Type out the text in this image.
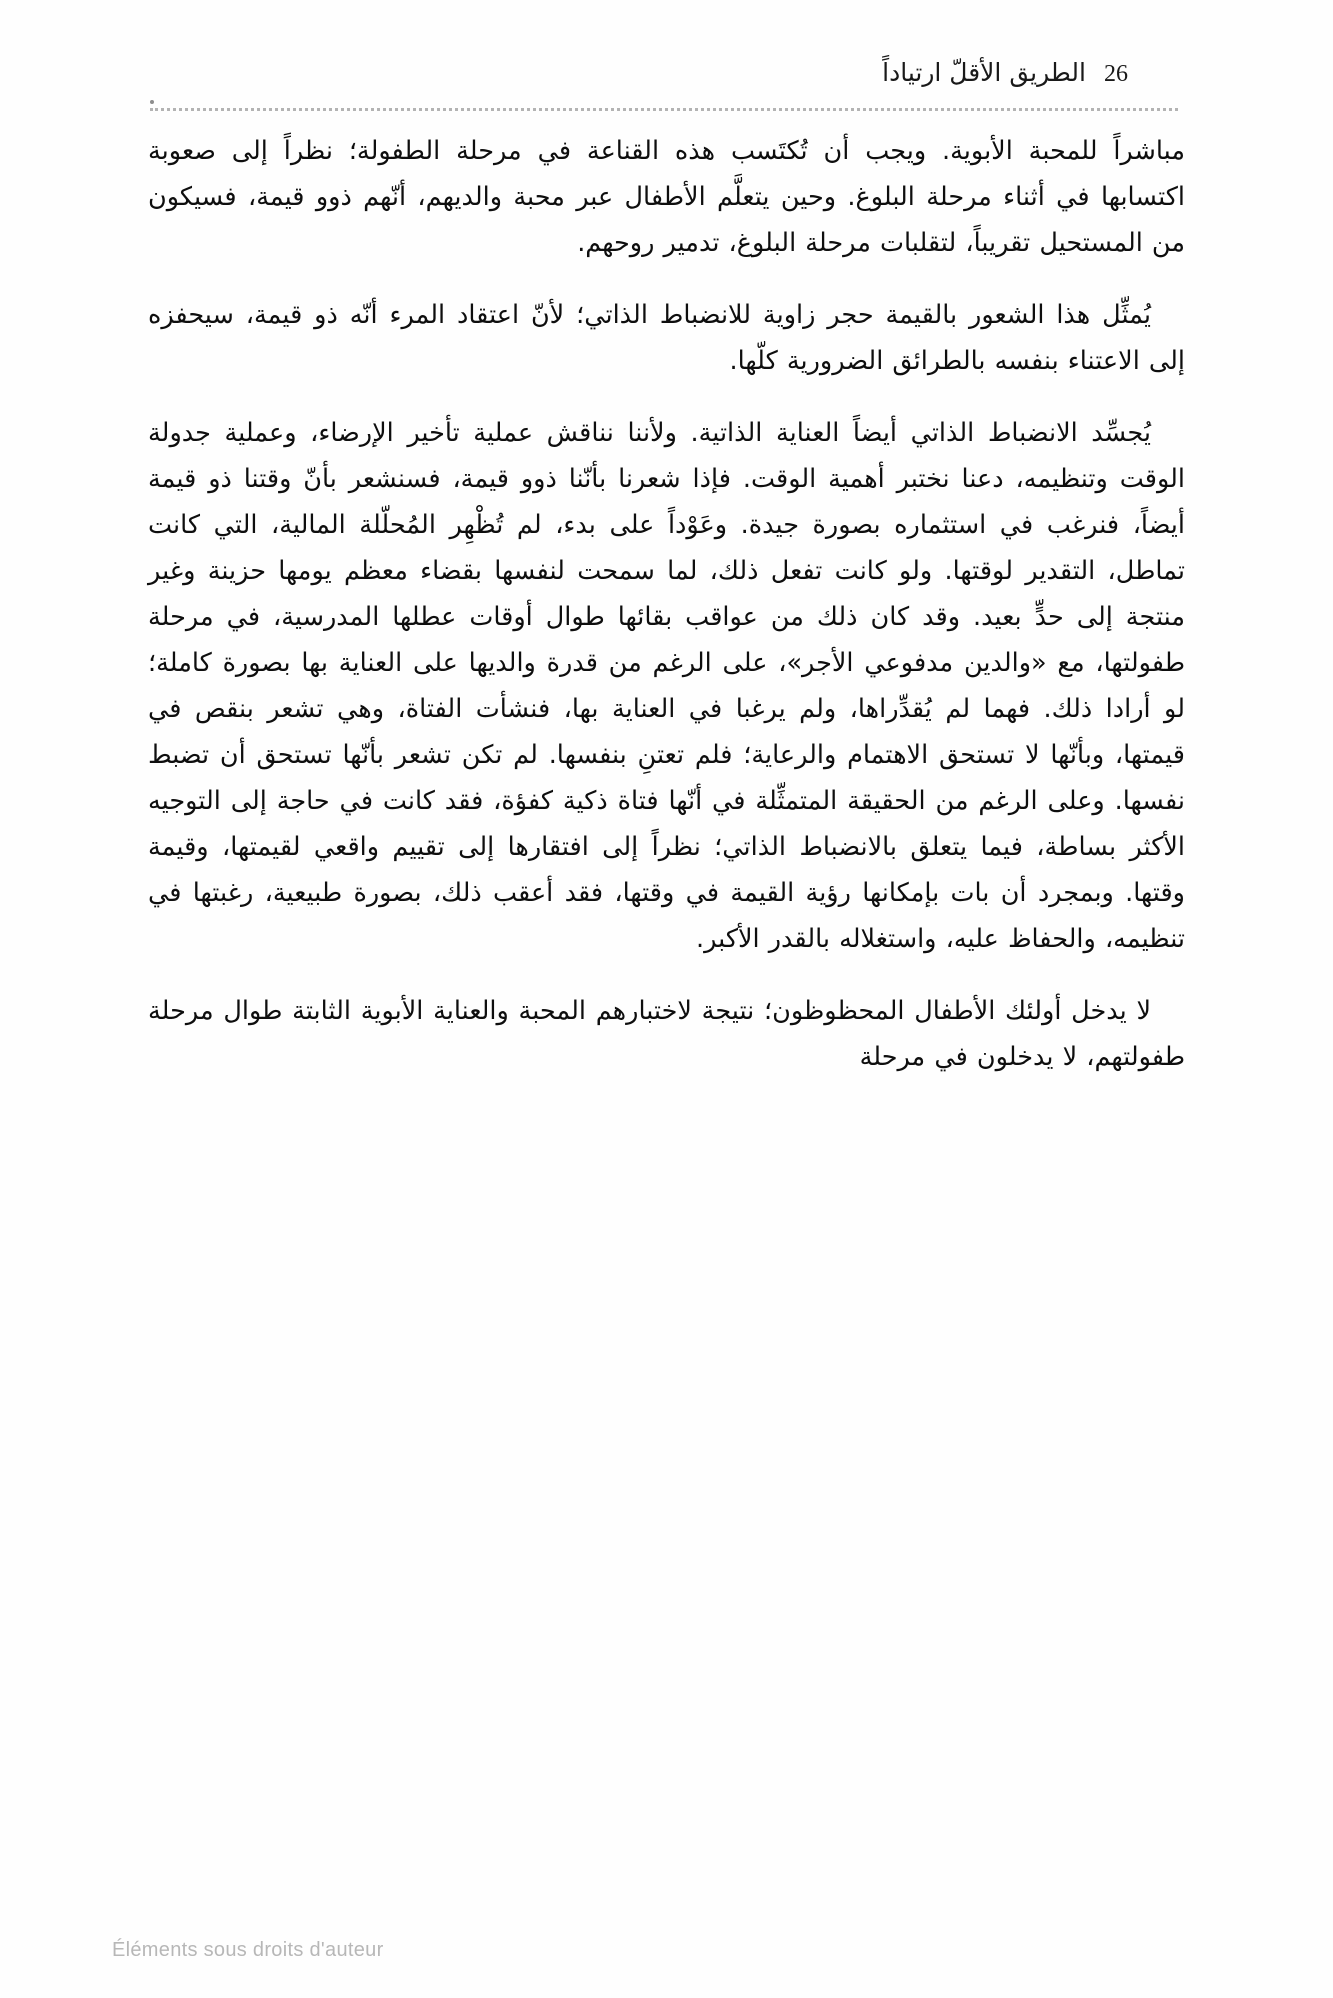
26
الطريق الأقلّ ارتياداً

مباشراً للمحبة الأبوية. ويجب أن تُكتَسب هذه القناعة في مرحلة الطفولة؛ نظراً إلى صعوبة اكتسابها في أثناء مرحلة البلوغ. وحين يتعلَّم الأطفال عبر محبة والديهم، أنّهم ذوو قيمة، فسيكون من المستحيل تقريباً، لتقلبات مرحلة البلوغ، تدمير روحهم.

يُمثِّل هذا الشعور بالقيمة حجر زاوية للانضباط الذاتي؛ لأنّ اعتقاد المرء أنّه ذو قيمة، سيحفزه إلى الاعتناء بنفسه بالطرائق الضرورية كلّها.

يُجسِّد الانضباط الذاتي أيضاً العناية الذاتية. ولأننا نناقش عملية تأخير الإرضاء، وعملية جدولة الوقت وتنظيمه، دعنا نختبر أهمية الوقت. فإذا شعرنا بأنّنا ذوو قيمة، فسنشعر بأنّ وقتنا ذو قيمة أيضاً، فنرغب في استثماره بصورة جيدة. وعَوْداً على بدء، لم تُظْهِر المُحلّلة المالية، التي كانت تماطل، التقدير لوقتها. ولو كانت تفعل ذلك، لما سمحت لنفسها بقضاء معظم يومها حزينة وغير منتجة إلى حدٍّ بعيد. وقد كان ذلك من عواقب بقائها طوال أوقات عطلها المدرسية، في مرحلة طفولتها، مع «والدين مدفوعي الأجر»، على الرغم من قدرة والديها على العناية بها بصورة كاملة؛ لو أرادا ذلك. فهما لم يُقدِّراها، ولم يرغبا في العناية بها، فنشأت الفتاة، وهي تشعر بنقص في قيمتها، وبأنّها لا تستحق الاهتمام والرعاية؛ فلم تعتنِ بنفسها. لم تكن تشعر بأنّها تستحق أن تضبط نفسها. وعلى الرغم من الحقيقة المتمثِّلة في أنّها فتاة ذكية كفؤة، فقد كانت في حاجة إلى التوجيه الأكثر بساطة، فيما يتعلق بالانضباط الذاتي؛ نظراً إلى افتقارها إلى تقييم واقعي لقيمتها، وقيمة وقتها. وبمجرد أن بات بإمكانها رؤية القيمة في وقتها، فقد أعقب ذلك، بصورة طبيعية، رغبتها في تنظيمه، والحفاظ عليه، واستغلاله بالقدر الأكبر.

لا يدخل أولئك الأطفال المحظوظون؛ نتيجة لاختبارهم المحبة والعناية الأبوية الثابتة طوال مرحلة طفولتهم، لا يدخلون في مرحلة

Éléments sous droits d'auteur
